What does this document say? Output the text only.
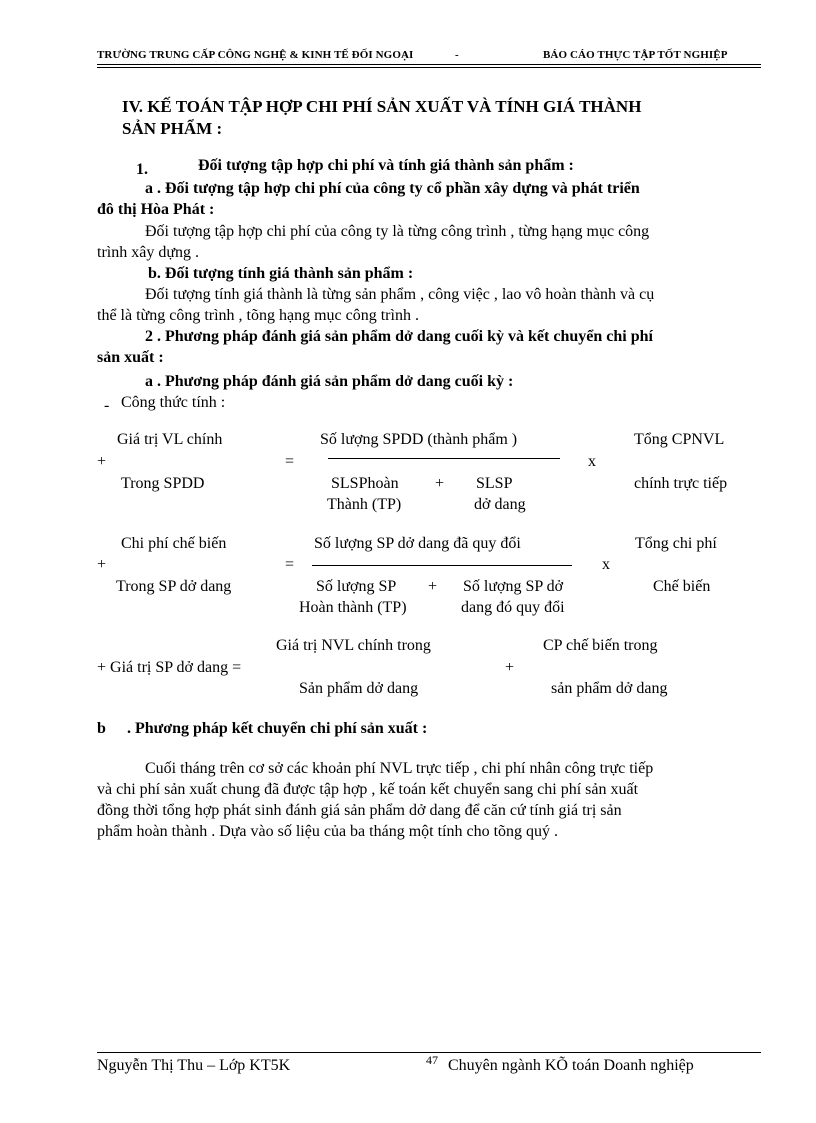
TRƯỜNG TRUNG CẤP CÔNG NGHỆ & KINH TẾ ĐỐI NGOẠI	-	BÁO CÁO THỰC TẬP TỐT NGHIỆP
IV. KẾ TOÁN TẬP HỢP CHI PHÍ SẢN XUẤT VÀ TÍNH GIÁ THÀNH
SẢN PHẨM :
1.	Đối tượng tập hợp chi phí và tính giá thành sản phẩm :
a . Đối tượng tập hợp chi phí của công ty cổ phần xây dựng và phát triển
đô thị Hòa Phát :
Đối tượng tập hợp chi phí của công ty là từng công trình , từng hạng mục công
trình xây dựng .
b. Đối tượng tính giá thành sản phẩm :
Đối tượng tính giá thành là từng sản phẩm , công việc , lao vô hoàn thành và cụ
thể là từng công trình , tõng hạng mục công trình .
2 . Phương pháp đánh giá sản phẩm dở dang cuối kỳ và kết chuyển chi phí
sản xuất :
a . Phương pháp đánh giá sản phẩm dở dang cuối kỳ :
- Công thức tính :
Giá trị VL chính
+
Trong SPDD
=
Số lượng SPDD (thành phẩm )
SLSPhoàn
Thành (TP)
+ SLSP
dở dang
x
Tổng CPNVL
chính trực tiếp
Chi phí chế biến
+
Trong SP dở dang
=
Số lượng SP dở dang đã quy đổi
Số lượng SP
Hoàn thành (TP)
+ Số lượng SP dở
dang đó quy đổi
x
Tổng chi phí
Chế biến
Giá trị NVL chính trong
+ Giá trị SP dở dang =
Sản phẩm dở dang
+
CP chế biến trong
sản phẩm dở dang
b . Phương pháp kết chuyển chi phí sản xuất :
Cuối tháng trên cơ sở các khoản phí NVL trực tiếp , chi phí nhân công trực tiếp
và chi phí sản xuất chung đã được tập hợp , kế toán kết chuyển sang chi phí sản xuất
đồng thời tổng hợp phát sinh đánh giá sản phẩm dở dang để căn cứ tính giá trị sản
phẩm hoàn thành . Dựa vào số liệu của ba tháng một tính cho tõng quý .
Nguyễn Thị Thu – Lớp KT5K	47 Chuyên ngành KÕ toán Doanh nghiệp
